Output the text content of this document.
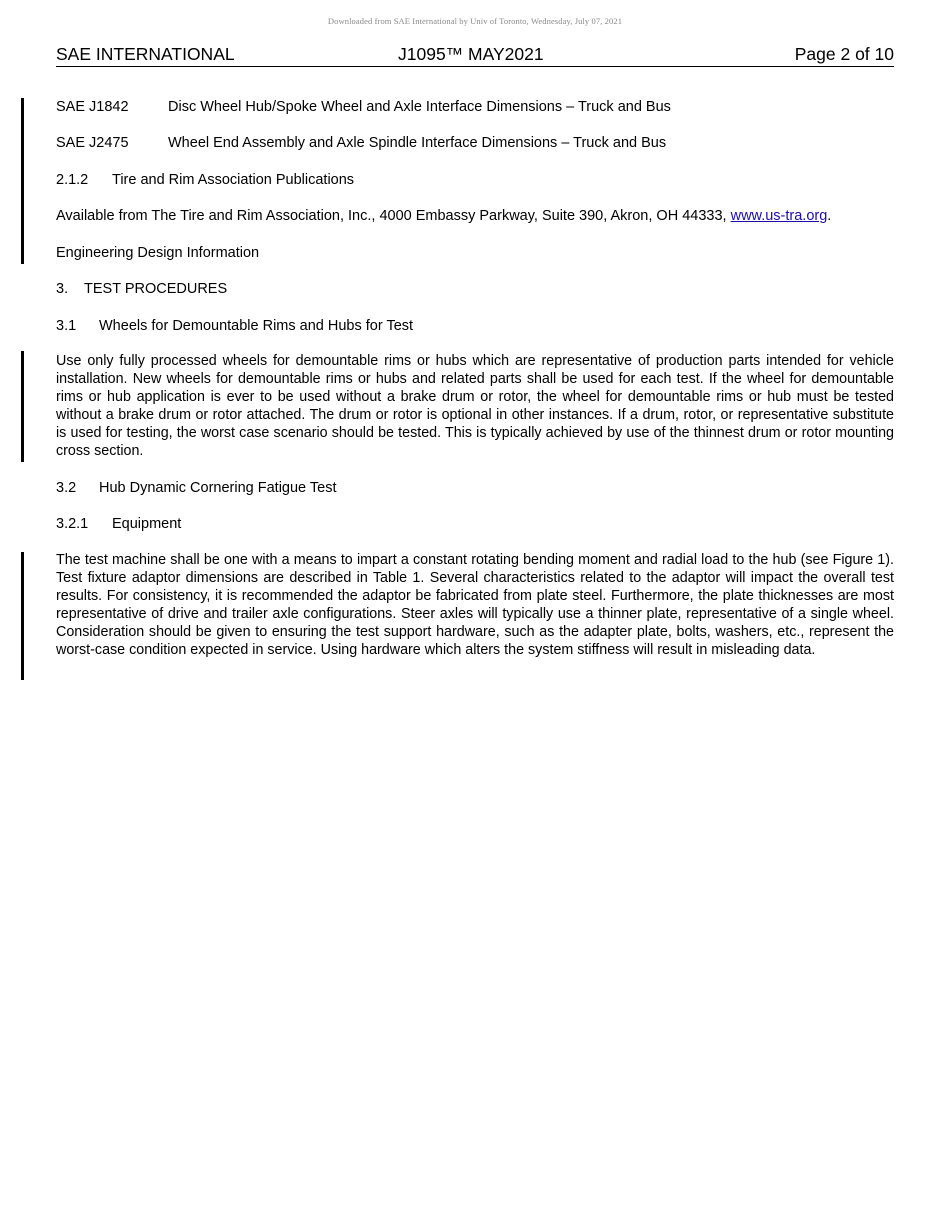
Downloaded from SAE International by Univ of Toronto, Wednesday, July 07, 2021
SAE INTERNATIONAL	J1095™ MAY2021	Page 2 of 10
SAE J1842	Disc Wheel Hub/Spoke Wheel and Axle Interface Dimensions – Truck and Bus
SAE J2475	Wheel End Assembly and Axle Spindle Interface Dimensions – Truck and Bus
2.1.2 Tire and Rim Association Publications
Available from The Tire and Rim Association, Inc., 4000 Embassy Parkway, Suite 390, Akron, OH 44333, www.us-tra.org.
Engineering Design Information
3. TEST PROCEDURES
3.1 Wheels for Demountable Rims and Hubs for Test
Use only fully processed wheels for demountable rims or hubs which are representative of production parts intended for vehicle installation. New wheels for demountable rims or hubs and related parts shall be used for each test. If the wheel for demountable rims or hub application is ever to be used without a brake drum or rotor, the wheel for demountable rims or hub must be tested without a brake drum or rotor attached. The drum or rotor is optional in other instances. If a drum, rotor, or representative substitute is used for testing, the worst case scenario should be tested. This is typically achieved by use of the thinnest drum or rotor mounting cross section.
3.2 Hub Dynamic Cornering Fatigue Test
3.2.1 Equipment
The test machine shall be one with a means to impart a constant rotating bending moment and radial load to the hub (see Figure 1). Test fixture adaptor dimensions are described in Table 1. Several characteristics related to the adaptor will impact the overall test results. For consistency, it is recommended the adaptor be fabricated from plate steel. Furthermore, the plate thicknesses are most representative of drive and trailer axle configurations. Steer axles will typically use a thinner plate, representative of a single wheel. Consideration should be given to ensuring the test support hardware, such as the adapter plate, bolts, washers, etc., represent the worst-case condition expected in service. Using hardware which alters the system stiffness will result in misleading data.
